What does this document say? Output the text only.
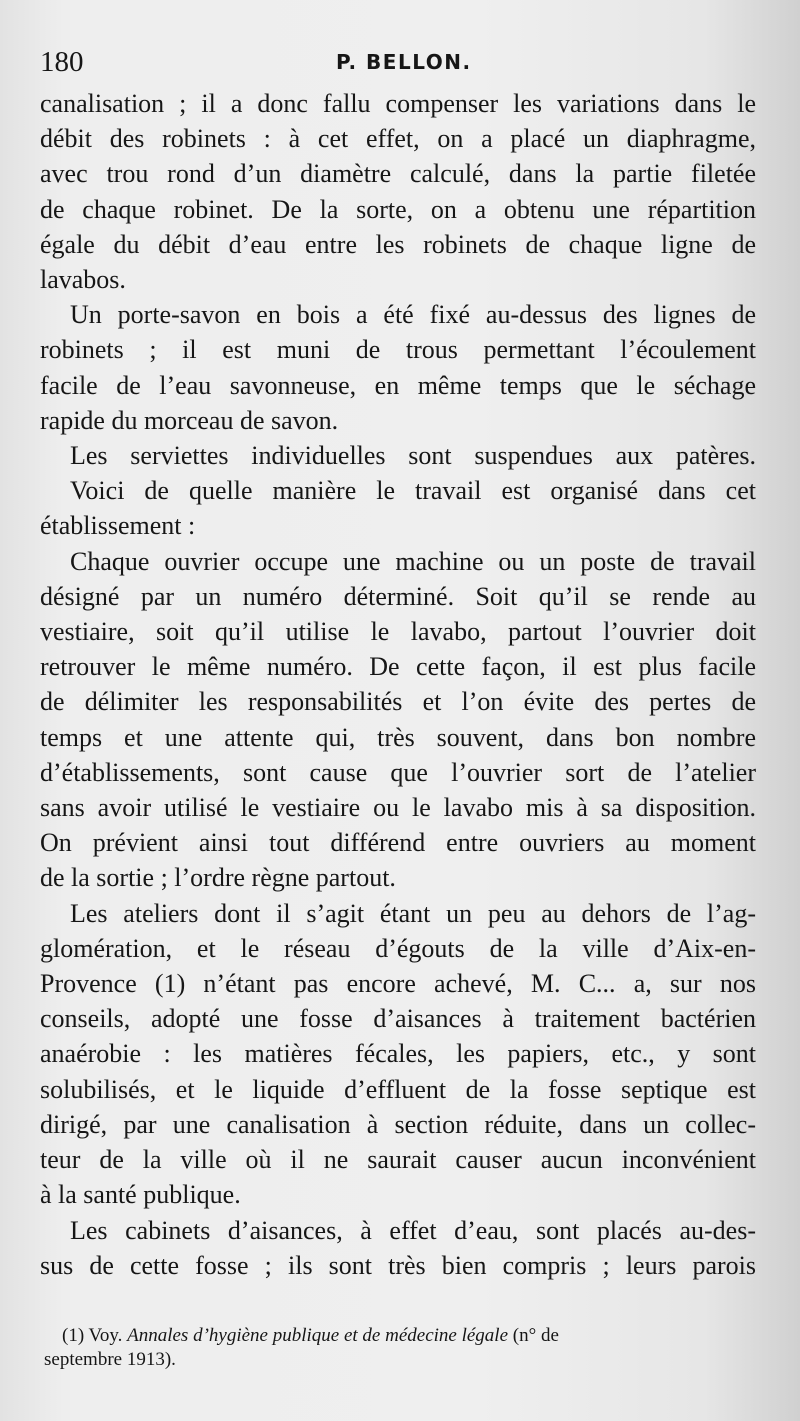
180	P. BELLON.

canalisation ; il a donc fallu compenser les variations dans le
débit des robinets : à cet effet, on a placé un diaphragme,
avec trou rond d’un diamètre calculé, dans la partie filetée
de chaque robinet. De la sorte, on a obtenu une répartition
égale du débit d’eau entre les robinets de chaque ligne de
lavabos.

Un porte-savon en bois a été fixé au-dessus des lignes de
robinets ; il est muni de trous permettant l’écoulement
facile de l’eau savonneuse, en même temps que le séchage
rapide du morceau de savon.

Les serviettes individuelles sont suspendues aux patères.

Voici de quelle manière le travail est organisé dans cet
établissement :

Chaque ouvrier occupe une machine ou un poste de travail
désigné par un numéro déterminé. Soit qu’il se rende au
vestiaire, soit qu’il utilise le lavabo, partout l’ouvrier doit
retrouver le même numéro. De cette façon, il est plus facile
de délimiter les responsabilités et l’on évite des pertes de
temps et une attente qui, très souvent, dans bon nombre
d’établissements, sont cause que l’ouvrier sort de l’atelier
sans avoir utilisé le vestiaire ou le lavabo mis à sa disposition.
On prévient ainsi tout différend entre ouvriers au moment
de la sortie ; l’ordre règne partout.

Les ateliers dont il s’agit étant un peu au dehors de l’ag-
glomération, et le réseau d’égouts de la ville d’Aix-en-
Provence (1) n’étant pas encore achevé, M. C... a, sur nos
conseils, adopté une fosse d’aisances à traitement bactérien
anaérobie : les matières fécales, les papiers, etc., y sont
solubilisés, et le liquide d’effluent de la fosse septique est
dirigé, par une canalisation à section réduite, dans un collec-
teur de la ville où il ne saurait causer aucun inconvénient
à la santé publique.

Les cabinets d’aisances, à effet d’eau, sont placés au-des-
sus de cette fosse ; ils sont très bien compris ; leurs parois

(1) Voy. Annales d’hygiène publique et de médecine légale (n° de
septembre 1913).
